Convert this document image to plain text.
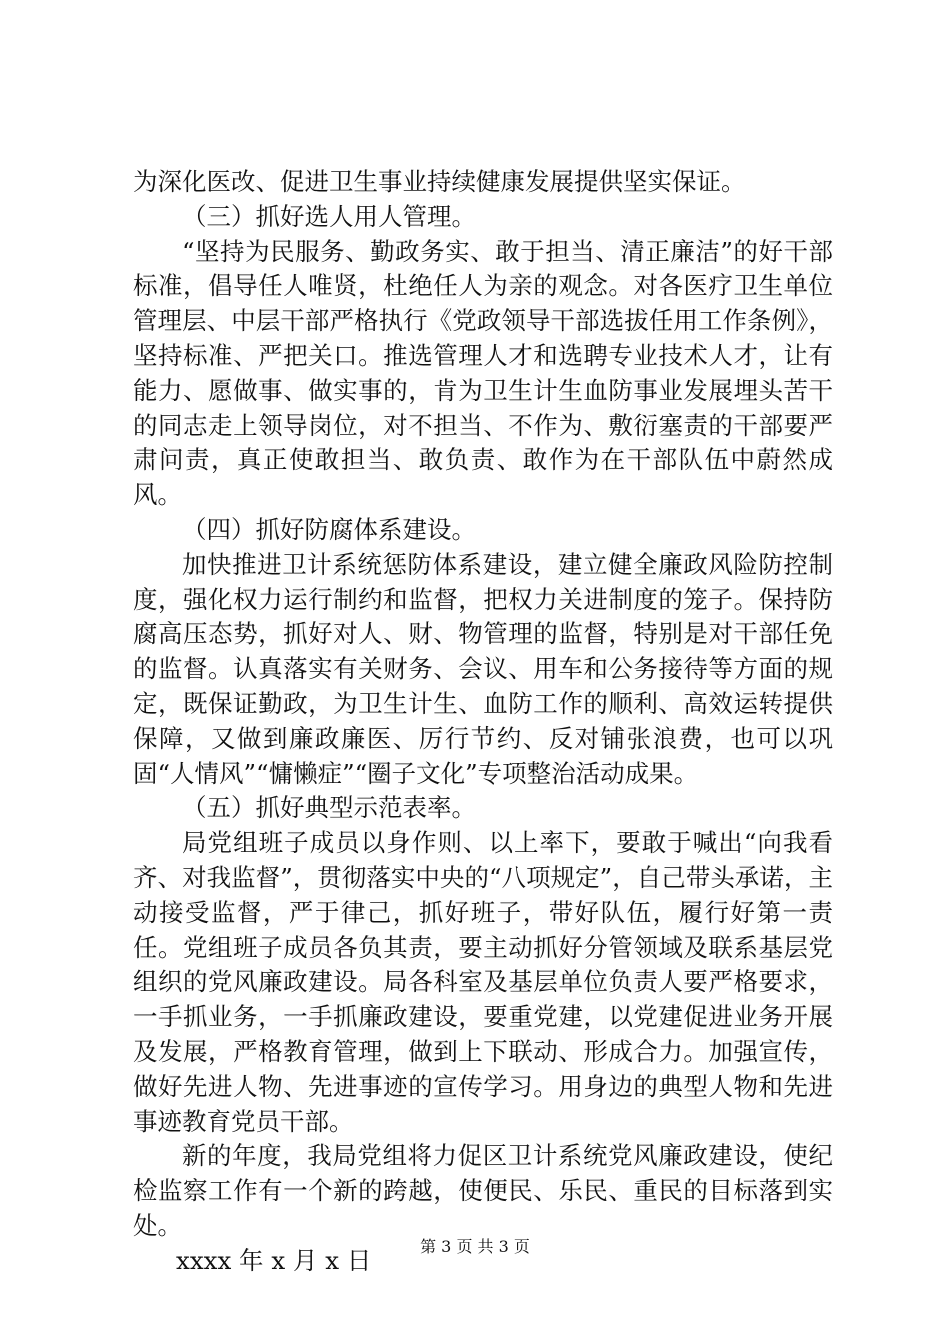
为深化医改、促进卫生事业持续健康发展提供坚实保证。

（三）抓好选人用人管理。

“坚持为民服务、勤政务实、敢于担当、清正廉洁”的好干部标准，倡导任人唯贤，杜绝任人为亲的观念。对各医疗卫生单位管理层、中层干部严格执行《党政领导干部选拔任用工作条例》，坚持标准、严把关口。推选管理人才和选聘专业技术人才，让有能力、愿做事、做实事的，肯为卫生计生血防事业发展埋头苦干的同志走上领导岗位，对不担当、不作为、敷衍塞责的干部要严肃问责，真正使敢担当、敢负责、敢作为在干部队伍中蔚然成风。

（四）抓好防腐体系建设。

加快推进卫计系统惩防体系建设，建立健全廉政风险防控制度，强化权力运行制约和监督，把权力关进制度的笼子。保持防腐高压态势，抓好对人、财、物管理的监督，特别是对干部任免的监督。认真落实有关财务、会议、用车和公务接待等方面的规定，既保证勤政，为卫生计生、血防工作的顺利、高效运转提供保障，又做到廉政廉医、厉行节约、反对铺张浪费，也可以巩固“人情风”“慵懒症”“圈子文化”专项整治活动成果。

（五）抓好典型示范表率。

局党组班子成员以身作则、以上率下，要敢于喊出“向我看齐、对我监督”，贯彻落实中央的“八项规定”，自己带头承诺，主动接受监督，严于律己，抓好班子，带好队伍，履行好第一责任。党组班子成员各负其责，要主动抓好分管领域及联系基层党组织的党风廉政建设。局各科室及基层单位负责人要严格要求，一手抓业务，一手抓廉政建设，要重党建，以党建促进业务开展及发展，严格教育管理，做到上下联动、形成合力。加强宣传，做好先进人物、先进事迹的宣传学习。用身边的典型人物和先进事迹教育党员干部。

新的年度，我局党组将力促区卫计系统党风廉政建设，使纪检监察工作有一个新的跨越，使便民、乐民、重民的目标落到实处。

xxxx 年 x 月 x 日	第 3 页 共 3 页
